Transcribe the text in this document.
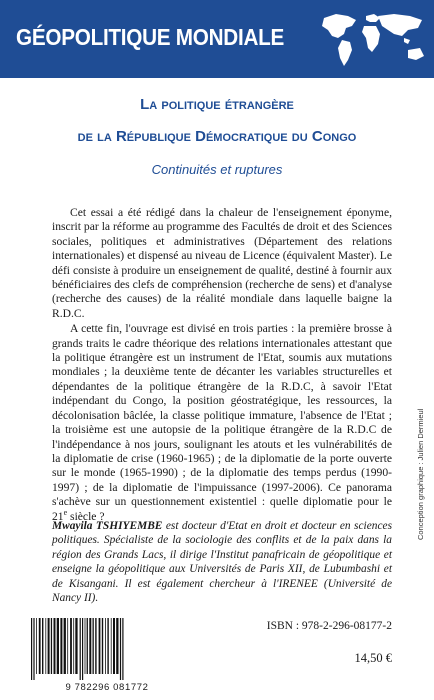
GÉOPOLITIQUE MONDIALE
La politique étrangère
de la République Démocratique du Congo
Continuités et ruptures

Cet essai a été rédigé dans la chaleur de l'enseignement éponyme, inscrit par la réforme au programme des Facultés de droit et des Sciences sociales, politiques et administratives (Département des relations internationales) et dispensé au niveau de Licence (équivalent Master). Le défi consiste à produire un enseignement de qualité, destiné à fournir aux bénéficiaires des clefs de compréhension (recherche de sens) et d'analyse (recherche des causes) de la réalité mondiale dans laquelle baigne la R.D.C.

A cette fin, l'ouvrage est divisé en trois parties : la première brosse à grands traits le cadre théorique des relations internationales attestant que la politique étrangère est un instrument de l'Etat, soumis aux mutations mondiales ; la deuxième tente de décanter les variables structurelles et dépendantes de la politique étrangère de la R.D.C, à savoir l'Etat indépendant du Congo, la position géostratégique, les ressources, la décolonisation bâclée, la classe politique immature, l'absence de l'Etat ; la troisième est une autopsie de la politique étrangère de la R.D.C de l'indépendance à nos jours, soulignant les atouts et les vulnérabilités de la diplomatie de crise (1960-1965) ; de la diplomatie de la porte ouverte sur le monde (1965-1990) ; de la diplomatie des temps perdus (1990-1997) ; de la diplomatie de l'impuissance (1997-2006). Ce panorama s'achève sur un questionnement existentiel : quelle diplomatie pour le 21e siècle ?

Mwayila TSHIYEMBE est docteur d'Etat en droit et docteur en sciences politiques. Spécialiste de la sociologie des conflits et de la paix dans la région des Grands Lacs, il dirige l'Institut panafricain de géopolitique et enseigne la géopolitique aux Universités de Paris XII, de Lubumbashi et de Kisangani. Il est également chercheur à l'IRENEE (Université de Nancy II).
Conception graphique : Julien Dermieul
9 782296 081772
ISBN : 978-2-296-08177-2
14,50 €
